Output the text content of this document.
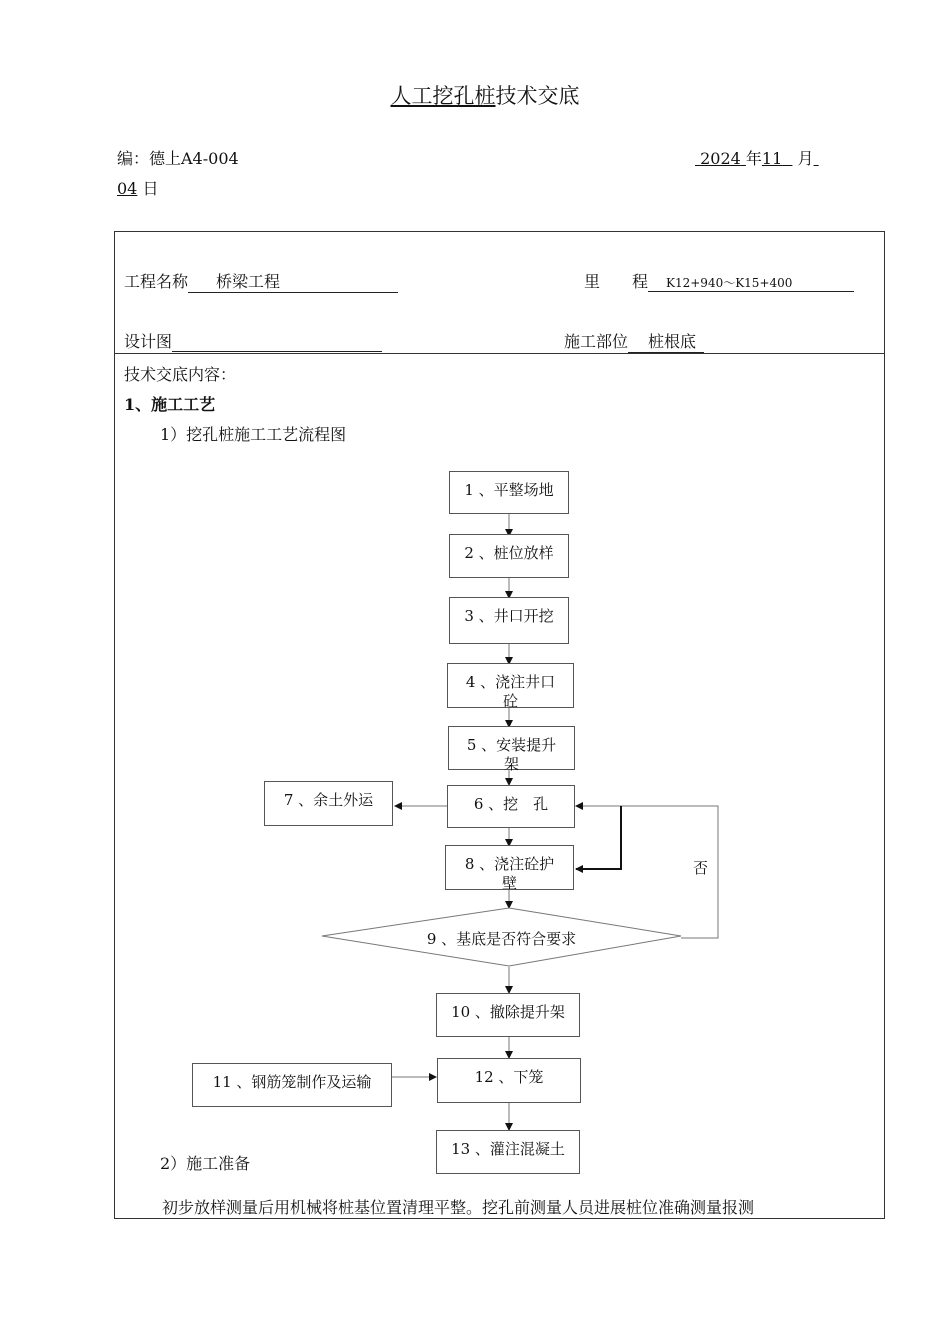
人工挖孔桩技术交底
编：德上A4-004	2024 年11 月
04 日
工程名称 桥梁工程	里　　程 K12+940～K15+400
设计图	施工部位 桩根底
技术交底内容：
1、施工工艺
1）挖孔桩施工工艺流程图
1 、平整场地
2 、桩位放样
3 、井口开挖
4 、浇注井口砼
5 、安装提升架
6 、挖　孔
7 、余土外运
8 、浇注砼护壁
9 、基底是否符合要求
否
10 、撤除提升架
11 、钢筋笼制作及运输	12 、下笼
13 、灌注混凝土
2）施工准备
初步放样测量后用机械将桩基位置清理平整。挖孔前测量人员进展桩位准确测量报测
